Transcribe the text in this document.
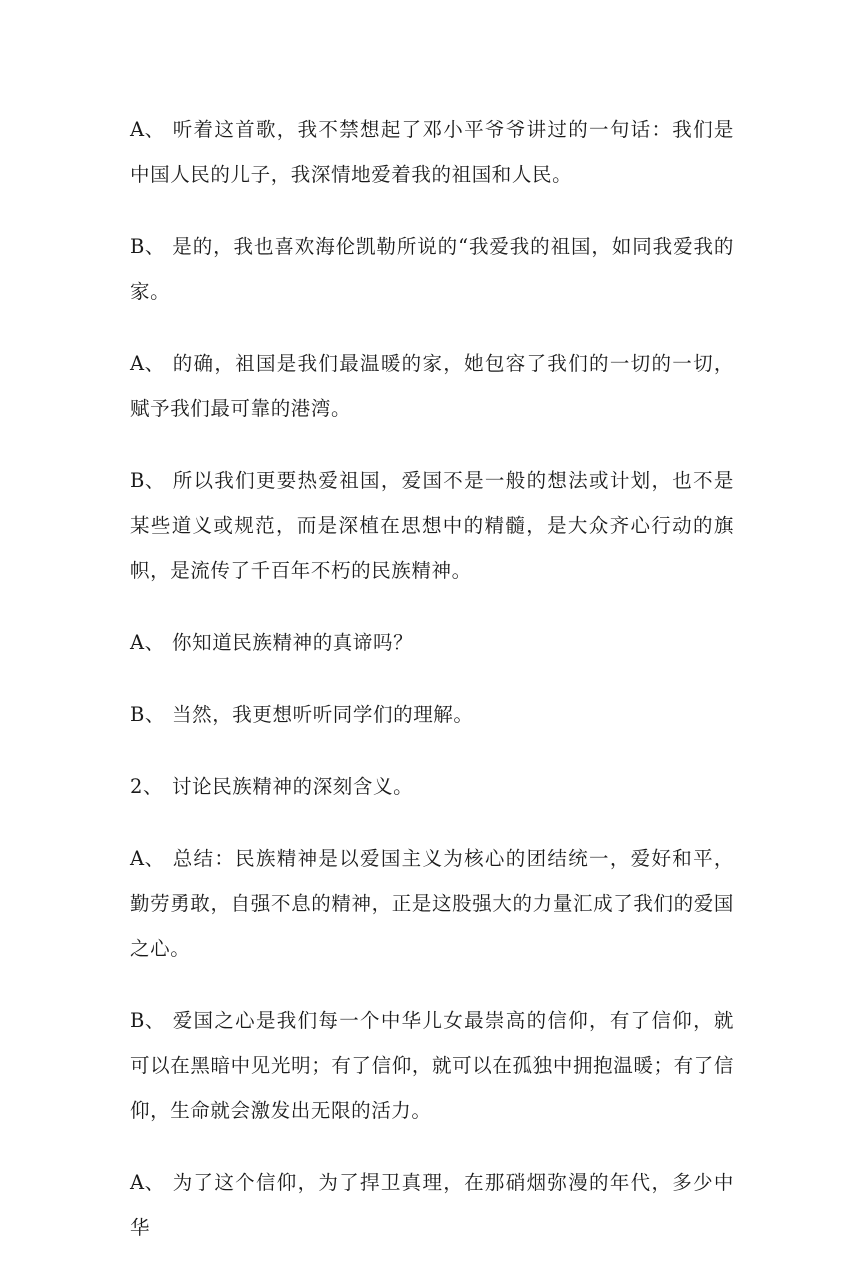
A、 听着这首歌，我不禁想起了邓小平爷爷讲过的一句话：我们是中国人民的儿子，我深情地爱着我的祖国和人民。

B、 是的，我也喜欢海伦凯勒所说的“我爱我的祖国，如同我爱我的家。

A、 的确，祖国是我们最温暖的家，她包容了我们的一切的一切，赋予我们最可靠的港湾。

B、 所以我们更要热爱祖国，爱国不是一般的想法或计划，也不是某些道义或规范，而是深植在思想中的精髓，是大众齐心行动的旗帜，是流传了千百年不朽的民族精神。

A、 你知道民族精神的真谛吗？

B、 当然，我更想听听同学们的理解。

2、 讨论民族精神的深刻含义。

A、 总结：民族精神是以爱国主义为核心的团结统一，爱好和平，勤劳勇敢，自强不息的精神，正是这股强大的力量汇成了我们的爱国之心。

B、 爱国之心是我们每一个中华儿女最崇高的信仰，有了信仰，就可以在黑暗中见光明；有了信仰，就可以在孤独中拥抱温暖；有了信仰，生命就会激发出无限的活力。

A、 为了这个信仰，为了捍卫真理，在那硝烟弥漫的年代，多少中华
